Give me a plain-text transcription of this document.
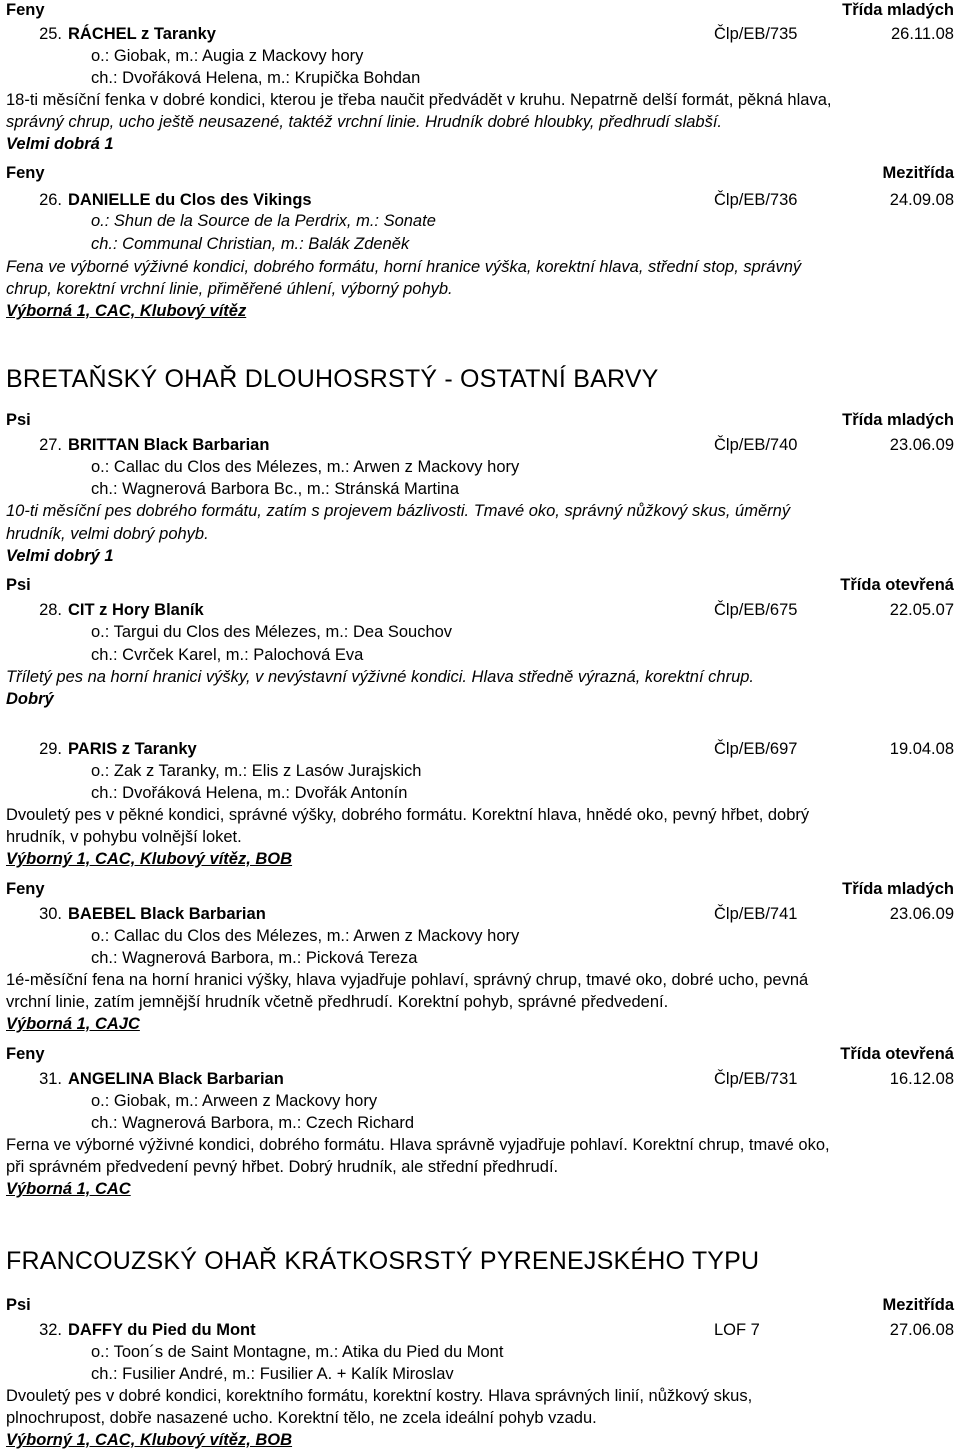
Feny	Třída mladých
25. RÁCHEL z Taranky	Člp/EB/735	26.11.08
o.: Giobak, m.: Augia z Mackovy hory
ch.: Dvořáková Helena, m.: Krupička Bohdan
18-ti měsíční fenka v dobré kondici, kterou je třeba naučit předvádět v kruhu. Nepatrně delší formát, pěkná hlava,
správný chrup, ucho ještě neusazené, taktéž vrchní linie. Hrudník dobré hloubky, předhrudí slabší.
Velmi dobrá 1
Feny	Mezitřída
26. DANIELLE du Clos des Vikings	Člp/EB/736	24.09.08
o.: Shun de la Source de la Perdrix, m.: Sonate
ch.: Communal Christian, m.: Balák Zdeněk
Fena ve výborné výživné kondici, dobrého formátu, horní hranice výška, korektní hlava, střední stop, správný
chrup, korektní vrchní linie, přiměřené úhlení, výborný pohyb.
Výborná 1, CAC, Klubový vítěz
BRETAŇSKÝ OHAŘ DLOUHOSRSTÝ - OSTATNÍ BARVY
Psi	Třída mladých
27. BRITTAN Black Barbarian	Člp/EB/740	23.06.09
o.: Callac du Clos des Mélezes, m.: Arwen z Mackovy hory
ch.: Wagnerová Barbora Bc., m.: Stránská Martina
10-ti měsíční pes dobrého formátu, zatím s projevem bázlivosti. Tmavé oko, správný nůžkový skus, úměrný
hrudník, velmi dobrý pohyb.
Velmi dobrý 1
Psi	Třída otevřená
28. CIT z Hory Blaník	Člp/EB/675	22.05.07
o.: Targui du Clos des Mélezes, m.: Dea Souchov
ch.: Cvrček Karel, m.: Palochová Eva
Tříletý pes na horní hranici výšky, v nevýstavní výživné kondici. Hlava středně výrazná, korektní chrup.
Dobrý
29. PARIS z Taranky	Člp/EB/697	19.04.08
o.: Zak z Taranky, m.: Elis z Lasów Jurajskich
ch.: Dvořáková Helena, m.: Dvořák Antonín
Dvouletý pes v pěkné kondici, správné výšky, dobrého formátu. Korektní hlava, hnědé oko, pevný hřbet, dobrý
hrudník, v pohybu volnější loket.
Výborný 1, CAC, Klubový vítěz, BOB
Feny	Třída mladých
30. BAEBEL Black Barbarian	Člp/EB/741	23.06.09
o.: Callac du Clos des Mélezes, m.: Arwen z Mackovy hory
ch.: Wagnerová Barbora, m.: Picková Tereza
1é-měsíční fena na horní hranici výšky, hlava vyjadřuje pohlaví, správný chrup, tmavé oko, dobré ucho, pevná
vrchní linie, zatím jemnější hrudník včetně předhrudí. Korektní pohyb, správné předvedení.
Výborná 1, CAJC
Feny	Třída otevřená
31. ANGELINA Black Barbarian	Člp/EB/731	16.12.08
o.: Giobak, m.: Arween z Mackovy hory
ch.: Wagnerová Barbora, m.: Czech Richard
Ferna ve výborné výživné kondici, dobrého formátu. Hlava správně vyjadřuje pohlaví. Korektní chrup, tmavé oko,
při správném předvedení pevný hřbet. Dobrý hrudník, ale střední předhrudí.
Výborná 1, CAC
FRANCOUZSKÝ OHAŘ KRÁTKOSRSTÝ PYRENEJSKÉHO TYPU
Psi	Mezitřída
32. DAFFY du Pied du Mont	LOF 7	27.06.08
o.: Toon´s de Saint Montagne, m.: Atika du Pied du Mont
ch.: Fusilier André, m.: Fusilier A. + Kalík Miroslav
Dvouletý pes v dobré kondici, korektního formátu, korektní kostry. Hlava správných linií, nůžkový skus,
plnochrupost, dobře nasazené ucho. Korektní tělo, ne zcela ideální pohyb vzadu.
Výborný 1, CAC, Klubový vítěz, BOB
